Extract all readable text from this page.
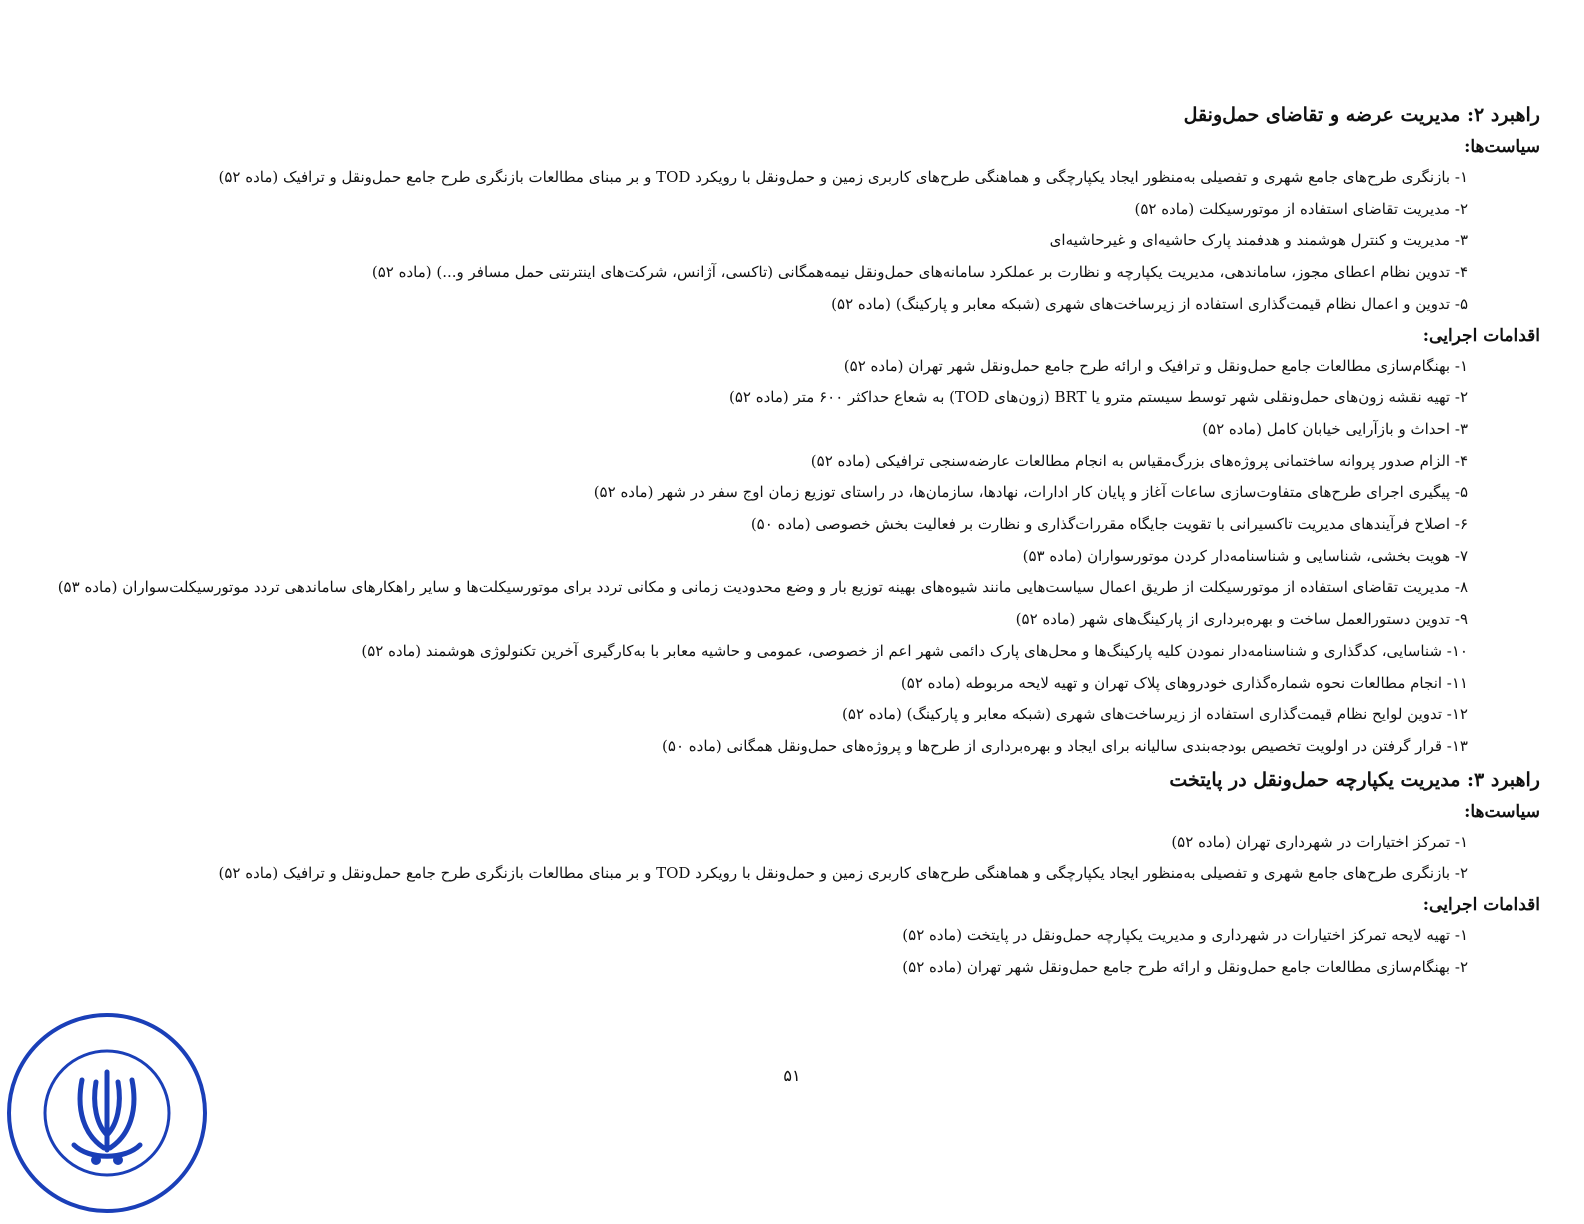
راهبرد ۲: مدیریت عرضه و تقاضای حمل‌ونقل
سیاست‌ها:
۱- بازنگری طرح‌های جامع شهری و تفصیلی به‌منظور ایجاد یکپارچگی و هماهنگی طرح‌های کاربری زمین و حمل‌ونقل با رویکرد TOD و بر مبنای مطالعات بازنگری طرح جامع حمل‌ونقل و ترافیک (ماده ۵۲)
۲- مدیریت تقاضای استفاده از موتورسیکلت (ماده ۵۲)
۳- مدیریت و کنترل هوشمند و هدفمند پارک حاشیه‌ای و غیرحاشیه‌ای
۴- تدوین نظام اعطای مجوز، ساماندهی، مدیریت یکپارچه و نظارت بر عملکرد سامانه‌های حمل‌ونقل نیمه‌همگانی (تاکسی، آژانس، شرکت‌های اینترنتی حمل مسافر و...) (ماده ۵۲)
۵- تدوین و اعمال نظام قیمت‌گذاری استفاده از زیرساخت‌های شهری (شبکه معابر و پارکینگ) (ماده ۵۲)
اقدامات اجرایی:
۱- بهنگام‌سازی مطالعات جامع حمل‌ونقل و ترافیک و ارائه طرح جامع حمل‌ونقل شهر تهران (ماده ۵۲)
۲- تهیه نقشه زون‌های حمل‌ونقلی شهر توسط سیستم مترو یا BRT (زون‌های TOD) به شعاع حداکثر ۶۰۰ متر (ماده ۵۲)
۳- احداث و بازآرایی خیابان کامل (ماده ۵۲)
۴- الزام صدور پروانه ساختمانی پروژه‌های بزرگ‌مقیاس به انجام مطالعات عارضه‌سنجی ترافیکی (ماده ۵۲)
۵- پیگیری اجرای طرح‌های متفاوت‌سازی ساعات آغاز و پایان کار ادارات، نهادها، سازمان‌ها، در راستای توزیع زمان اوج سفر در شهر (ماده ۵۲)
۶- اصلاح فرآیندهای مدیریت تاکسیرانی با تقویت جایگاه مقررات‌گذاری و نظارت بر فعالیت بخش خصوصی (ماده ۵۰)
۷- هویت بخشی، شناسایی و شناسنامه‌دار کردن موتورسواران (ماده ۵۳)
۸- مدیریت تقاضای استفاده از موتورسیکلت از طریق اعمال سیاست‌هایی مانند شیوه‌های بهینه توزیع بار و وضع محدودیت زمانی و مکانی تردد برای موتورسیکلت‌ها و سایر راهکارهای ساماندهی تردد موتورسیکلت‌سواران (ماده ۵۳)
۹- تدوین دستورالعمل ساخت و بهره‌برداری از پارکینگ‌های شهر (ماده ۵۲)
۱۰- شناسایی، کدگذاری و شناسنامه‌دار نمودن کلیه پارکینگ‌ها و محل‌های پارک دائمی شهر اعم از خصوصی، عمومی و حاشیه معابر با به‌کارگیری آخرین تکنولوژی هوشمند (ماده ۵۲)
۱۱- انجام مطالعات نحوه شماره‌گذاری خودروهای پلاک تهران و تهیه لایحه مربوطه (ماده ۵۲)
۱۲- تدوین لوایح نظام قیمت‌گذاری استفاده از زیرساخت‌های شهری (شبکه معابر و پارکینگ) (ماده ۵۲)
۱۳- قرار گرفتن در اولویت تخصیص بودجه‌بندی سالیانه برای ایجاد و بهره‌برداری از طرح‌ها و پروژه‌های حمل‌ونقل همگانی (ماده ۵۰)
راهبرد ۳: مدیریت یکپارچه حمل‌ونقل در پایتخت
سیاست‌ها:
۱- تمرکز اختیارات در شهرداری تهران (ماده ۵۲)
۲- بازنگری طرح‌های جامع شهری و تفصیلی به‌منظور ایجاد یکپارچگی و هماهنگی طرح‌های کاربری زمین و حمل‌ونقل با رویکرد TOD و بر مبنای مطالعات بازنگری طرح جامع حمل‌ونقل و ترافیک (ماده ۵۲)
اقدامات اجرایی:
۱- تهیه لایحه تمرکز اختیارات در شهرداری و مدیریت یکپارچه حمل‌ونقل در پایتخت (ماده ۵۲)
۲- بهنگام‌سازی مطالعات جامع حمل‌ونقل و ارائه طرح جامع حمل‌ونقل شهر تهران (ماده ۵۲)
۵۱
